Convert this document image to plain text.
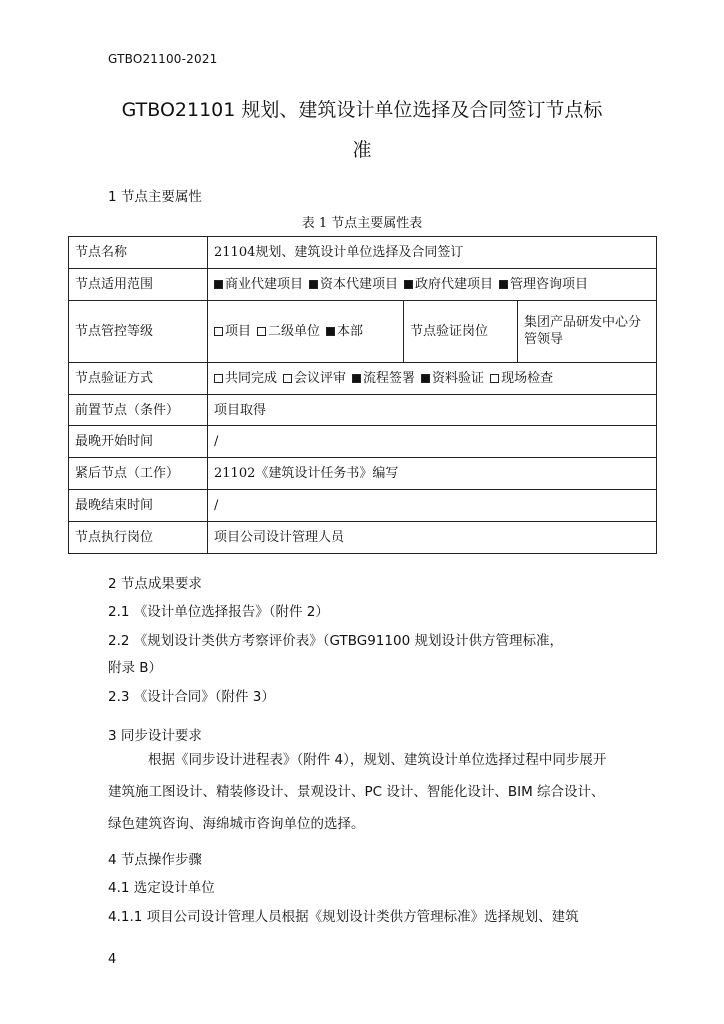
GTBO21100-2021
GTBO21101 规划、建筑设计单位选择及合同签订节点标
准
1 节点主要属性
表 1 节点主要属性表
节点名称	21104规划、建筑设计单位选择及合同签订		
节点适用范围	商业代建项目 资本代建项目 政府代建项目 管理咨询项目		
节点管控等级	项目 二级单位 本部	节点验证岗位	集团产品研发中心分管领导
节点验证方式	共同完成 会议评审 流程签署 资料验证 现场检查		
前置节点（条件）	项目取得		
最晚开始时间	/		
紧后节点（工作）	21102《建筑设计任务书》编写		
最晚结束时间	/		
节点执行岗位	项目公司设计管理人员		
2 节点成果要求
2.1 《设计单位选择报告》（附件 2）
2.2 《规划设计类供方考察评价表》（GTBG91100 规划设计供方管理标准，
附录 B）
2.3 《设计合同》（附件 3）
3 同步设计要求
根据《同步设计进程表》（附件 4），规划、建筑设计单位选择过程中同步展开建筑施工图设计、精装修设计、景观设计、PC 设计、智能化设计、BIM 综合设计、绿色建筑咨询、海绵城市咨询单位的选择。
4 节点操作步骤
4.1 选定设计单位
4.1.1 项目公司设计管理人员根据《规划设计类供方管理标准》选择规划、建筑
4
